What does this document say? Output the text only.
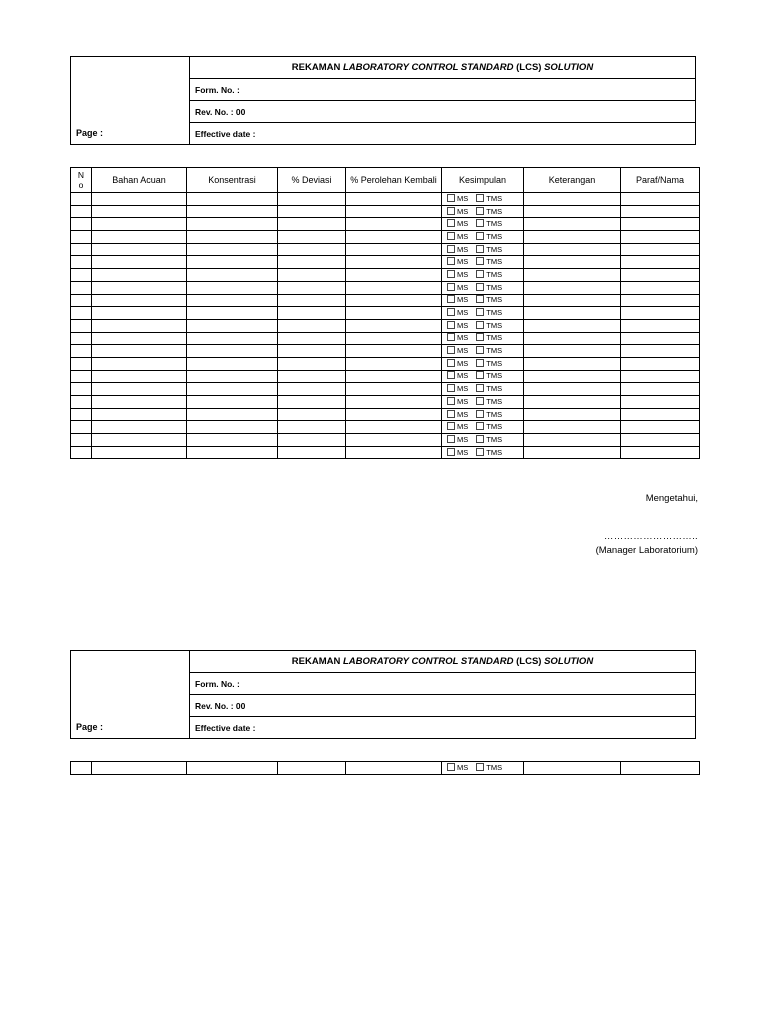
	REKAMAN LABORATORY CONTROL STANDARD (LCS) SOLUTION
	Form. No. :
	Rev. No. : 00
Page :	Effective date :
N
o	Bahan Acuan	Konsentrasi	% Deviasi	% Perolehan Kembali	Kesimpulan	Keterangan	Paraf/Nama
					MS TMS		
					MS TMS		
					MS TMS		
					MS TMS		
					MS TMS		
					MS TMS		
					MS TMS		
					MS TMS		
					MS TMS		
					MS TMS		
					MS TMS		
					MS TMS		
					MS TMS		
					MS TMS		
					MS TMS		
					MS TMS		
					MS TMS		
					MS TMS		
					MS TMS		
					MS TMS		
					MS TMS		
Mengetahui,
………………………..
(Manager Laboratorium)
	REKAMAN LABORATORY CONTROL STANDARD (LCS) SOLUTION
	Form. No. :
	Rev. No. : 00
Page :	Effective date :
					MS TMS		
